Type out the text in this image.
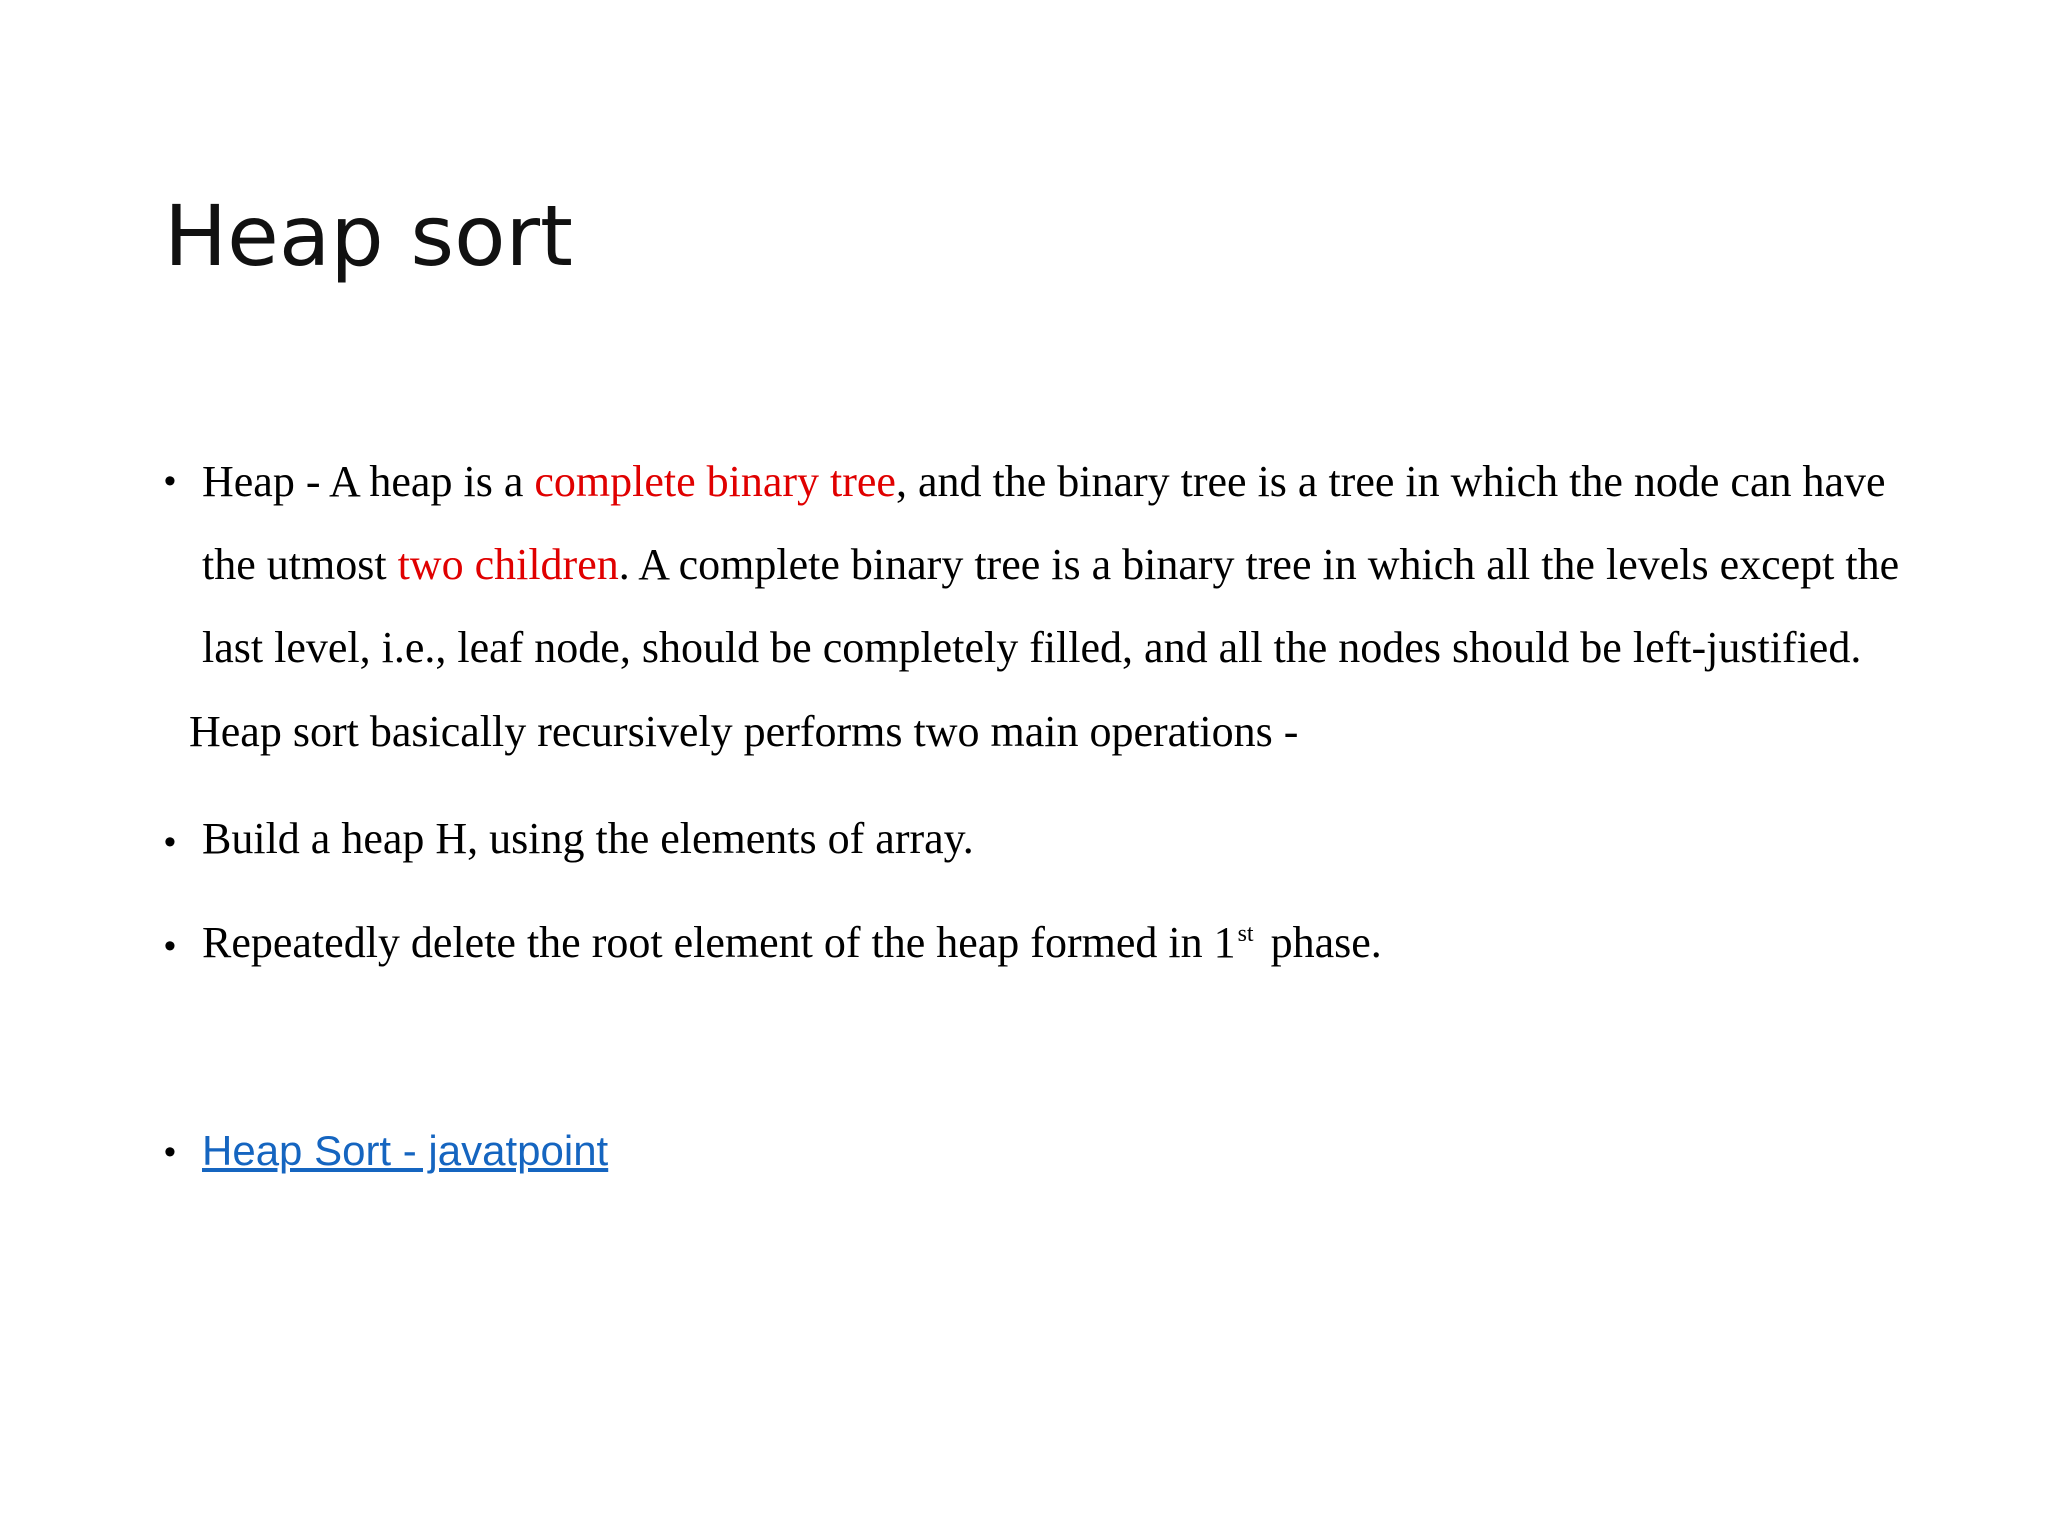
Heap sort
• Heap - A heap is a complete binary tree, and the binary tree is a tree in which the node can have the utmost two children. A complete binary tree is a binary tree in which all the levels except the last level, i.e., leaf node, should be completely filled, and all the nodes should be left-justified.

Heap sort basically recursively performs two main operations -

• Build a heap H, using the elements of array.
• Repeatedly delete the root element of the heap formed in 1st phase.
• Heap Sort - javatpoint
